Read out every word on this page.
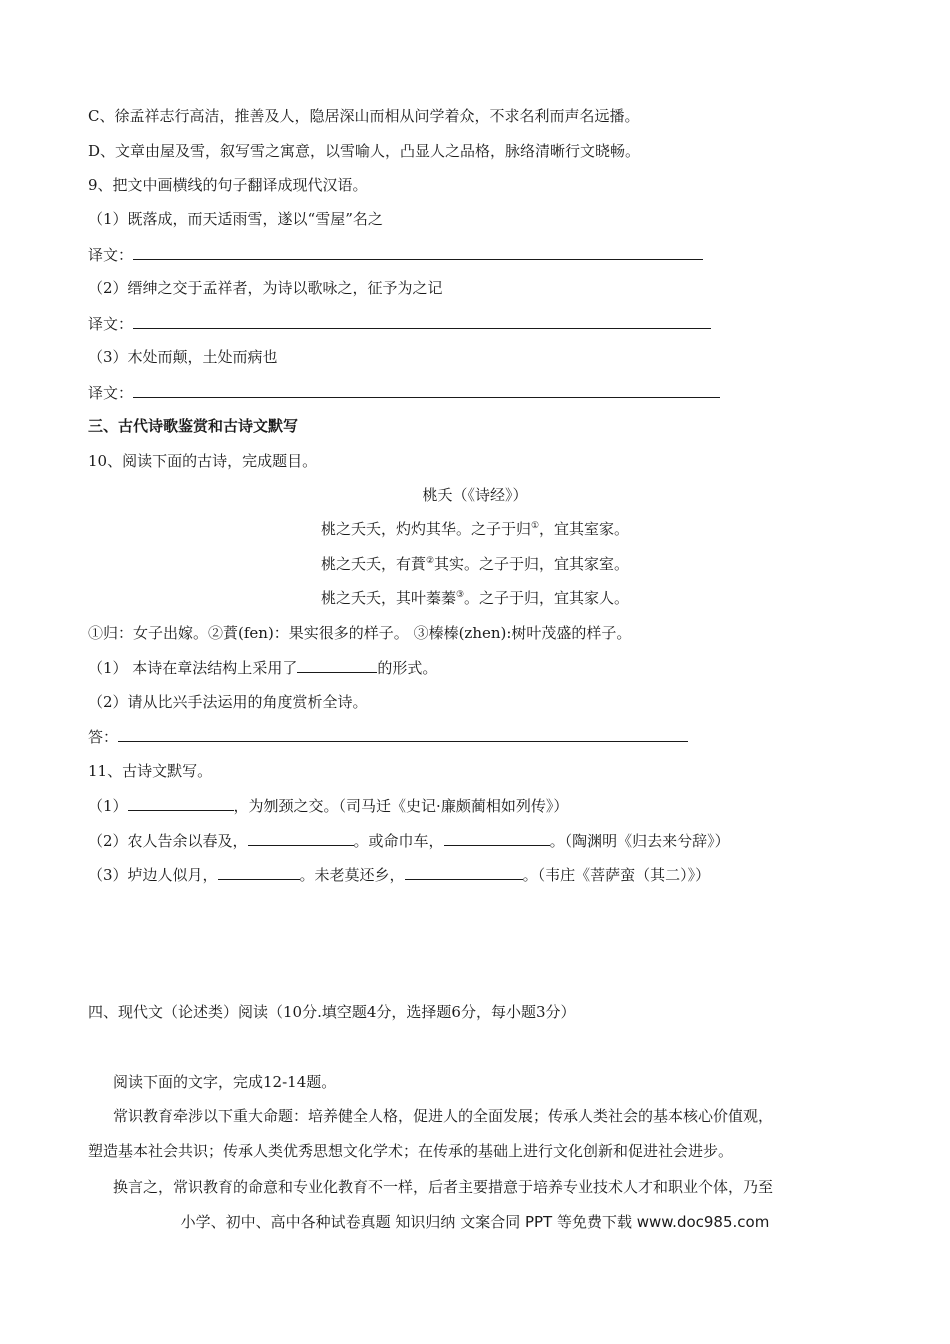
C、徐孟祥志行高洁，推善及人，隐居深山而相从问学着众，不求名利而声名远播。
D、文章由屋及雪，叙写雪之寓意，以雪喻人，凸显人之品格，脉络清晰行文晓畅。
9、把文中画横线的句子翻译成现代汉语。
（1）既落成，而天适雨雪，遂以“雪屋”名之
译文：
（2）缙绅之交于孟祥者，为诗以歌咏之，征予为之记
译文：
（3）木处而颠，土处而病也
译文：
三、古代诗歌鉴赏和古诗文默写
10、阅读下面的古诗，完成题目。
桃夭（《诗经》）
桃之夭夭，灼灼其华。之子于归①，宜其室家。
桃之夭夭，有蕡②其实。之子于归，宜其家室。
桃之夭夭，其叶蓁蓁③。之子于归，宜其家人。
①归：女子出嫁。②蕡(fen)：果实很多的样子。 ③榛榛(zhen):树叶茂盛的样子。
（1） 本诗在章法结构上采用了	的形式。
（2）请从比兴手法运用的角度赏析全诗。
答：
11、古诗文默写。
（1）	，为刎颈之交。（司马迁《史记·廉颇蔺相如列传》）
（2）农人告余以春及，	。或命巾车，	。（陶渊明《归去来兮辞》）
（3）垆边人似月，	。未老莫还乡，	。（韦庄《菩萨蛮（其二）》）
四、现代文（论述类）阅读（10分.填空题4分，选择题6分，每小题3分）
阅读下面的文字，完成12-14题。
常识教育牵涉以下重大命题：培养健全人格，促进人的全面发展；传承人类社会的基本核心价值观，
塑造基本社会共识；传承人类优秀思想文化学术；在传承的基础上进行文化创新和促进社会进步。
换言之，常识教育的命意和专业化教育不一样，后者主要措意于培养专业技术人才和职业个体，乃至
小学、初中、高中各种试卷真题 知识归纳 文案合同 PPT 等免费下载 www.doc985.com
